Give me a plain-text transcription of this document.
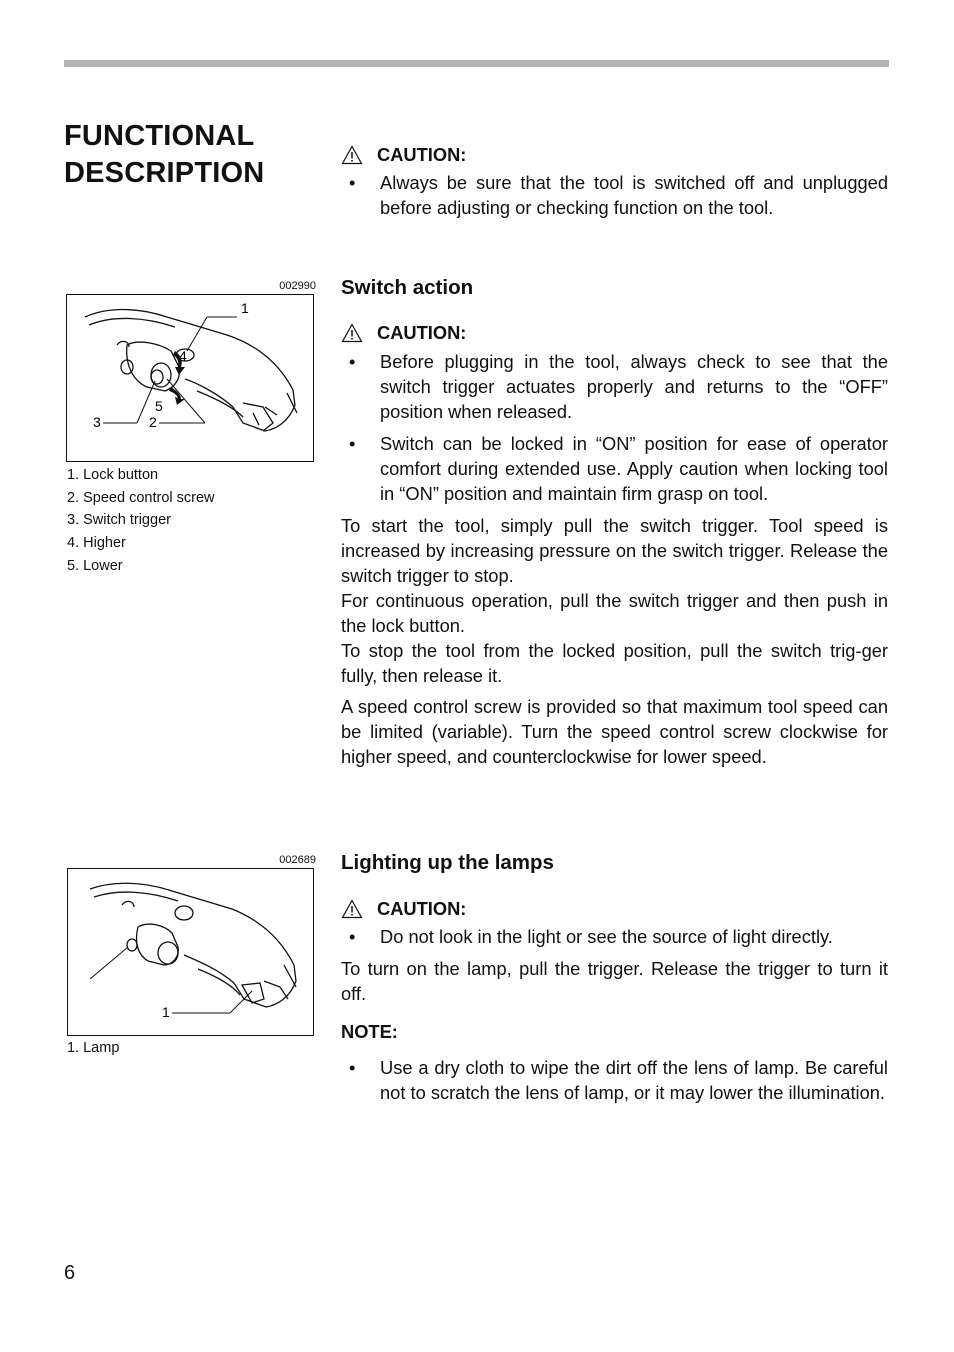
FUNCTIONAL
DESCRIPTION
002990
1
4
5
3	2
1. Lock button
2. Speed control screw
3. Switch trigger
4. Higher
5. Lower
002689
1
1. Lamp

CAUTION:

• Always be sure that the tool is switched off and unplugged before adjusting or checking function on the tool.
Switch action

CAUTION:

• Before plugging in the tool, always check to see that the switch trigger actuates properly and returns to the “OFF” position when released.
• Switch can be locked in “ON” position for ease of operator comfort during extended use. Apply caution when locking tool in “ON” position and maintain firm grasp on tool.

To start the tool, simply pull the switch trigger. Tool speed is increased by increasing pressure on the switch trigger. Release the switch trigger to stop.

For continuous operation, pull the switch trigger and then push in the lock button.

To stop the tool from the locked position, pull the switch trig-ger fully, then release it.

A speed control screw is provided so that maximum tool speed can be limited (variable). Turn the speed control screw clockwise for higher speed, and counterclockwise for lower speed.

Lighting up the lamps

CAUTION:

• Do not look in the light or see the source of light directly.

To turn on the lamp, pull the trigger. Release the trigger to turn it off.

NOTE:

• Use a dry cloth to wipe the dirt off the lens of lamp. Be careful not to scratch the lens of lamp, or it may lower the illumination.
6
